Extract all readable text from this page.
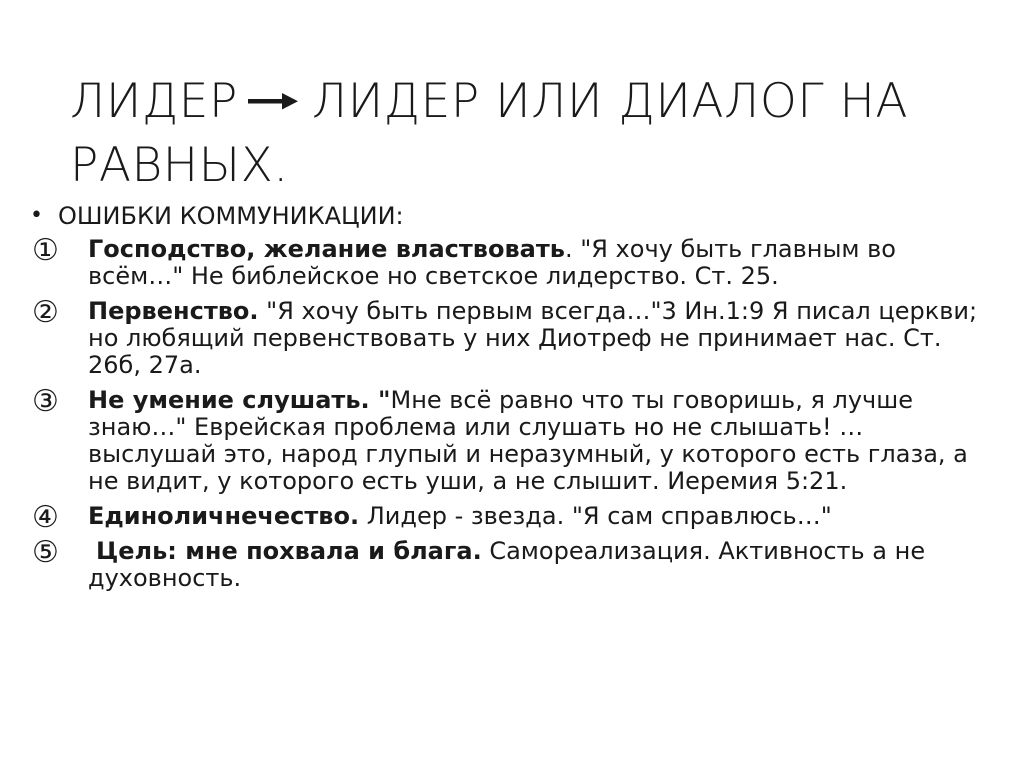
ЛИДЕР ЛИДЕР ИЛИ ДИАЛОГ НА РАВНЫХ.
• ОШИБКИ КОММУНИКАЦИИ:
①	Господство, желание властвовать. "Я хочу быть главным во всём…" Не библейское но светское лидерство. Ст. 25.
②	Первенство. "Я хочу быть первым всегда…"3 Ин.1:9 Я писал церкви; но любящий первенствовать у них Диотреф не принимает нас. Ст. 26б, 27а.
③	Не умение слушать. "Мне всё равно что ты говоришь, я лучше знаю…" Еврейская проблема или слушать но не слышать! …выслушай это, народ глупый и неразумный, у которого есть глаза, а не видит, у которого есть уши, а не слышит. Иеремия 5:21.
④	Единоличнечество. Лидер - звезда. "Я сам справлюсь…"
⑤	Цель: мне похвала и блага. Самореализация. Активность а не духовность.
